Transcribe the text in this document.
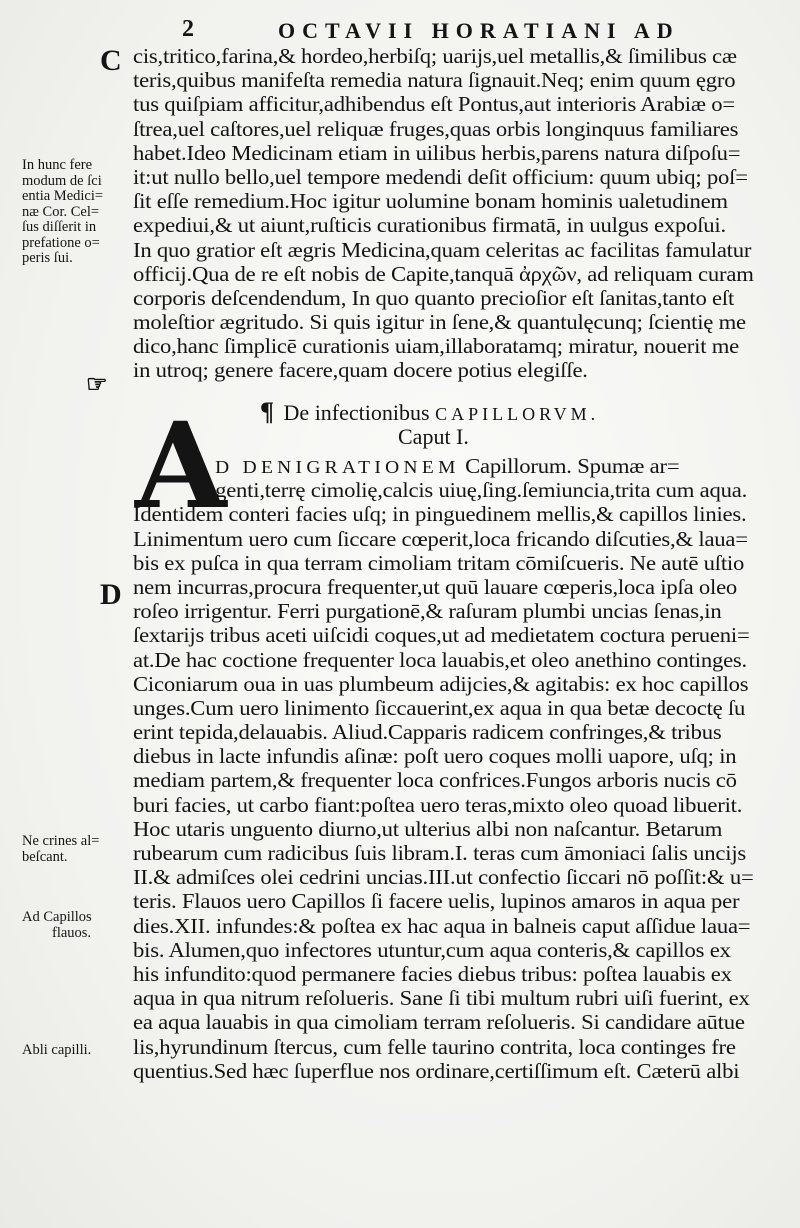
2	OCTAVII HORATIANI AD
C
D
☞
In hunc fere
modum de ſci
entia Medici=
næ Cor. Cel=
ſus diſſerit in
prefatione o=
peris ſui.
Ne crines al=
beſcant.
Ad Capillos
flauos.
Abli capilli.
cis,tritico,farina,& hordeo,herbiſq; uarijs,uel metallis,& ſimilibus cæ
teris,quibus manifeſta remedia natura ſignauit.Neq; enim quum ęgro
tus quiſpiam afficitur,adhibendus eſt Pontus,aut interioris Arabiæ o=
ſtrea,uel caſtores,uel reliquæ fruges,quas orbis longinquus familiares
habet.Ideo Medicinam etiam in uilibus herbis,parens natura diſpoſu=
it:ut nullo bello,uel tempore medendi deſit officium: quum ubiq; poſ=
ſit eſſe remedium.Hoc igitur uolumine bonam hominis ualetudinem
expediui,& ut aiunt,ruſticis curationibus firmatā, in uulgus expoſui.
In quo gratior eſt ægris Medicina,quam celeritas ac facilitas famulatur
officij.Qua de re eſt nobis de Capite,tanquā ἀρχῶν, ad reliquam curam
corporis deſcendendum, In quo quanto precioſior eſt ſanitas,tanto eſt
moleſtior ægritudo. Si quis igitur in ſene,& quantulęcunq; ſcientię me
dico,hanc ſimplicē curationis uiam,illaboratamq; miratur, nouerit me
in utroq; genere facere,quam docere potius elegiſſe.
¶ De infectionibus CAPILLORVM.
Caput I.
A
D DENIGRATIONEM Capillorum. Spumæ ar=
genti,terrę cimolię,calcis uiuę,ſing.ſemiuncia,trita cum aqua.
Identidem conteri facies uſq; in pinguedinem mellis,& capillos linies.
Linimentum uero cum ſiccare cœperit,loca fricando diſcuties,& laua=
bis ex puſca in qua terram cimoliam tritam cōmiſcueris. Ne autē uſtio
nem incurras,procura frequenter,ut quū lauare cœperis,loca ipſa oleo
roſeo irrigentur. Ferri purgationē,& raſuram plumbi uncias ſenas,in
ſextarijs tribus aceti uiſcidi coques,ut ad medietatem coctura perueni=
at.De hac coctione frequenter loca lauabis,et oleo anethino continges.
Ciconiarum oua in uas plumbeum adijcies,& agitabis: ex hoc capillos
unges.Cum uero linimento ſiccauerint,ex aqua in qua betæ decoctę ſu
erint tepida,delauabis. Aliud.Capparis radicem confringes,& tribus
diebus in lacte infundis aſinæ: poſt uero coques molli uapore, uſq; in
mediam partem,& frequenter loca confrices.Fungos arboris nucis cō
buri facies, ut carbo fiant:poſtea uero teras,mixto oleo quoad libuerit.
Hoc utaris unguento diurno,ut ulterius albi non naſcantur. Betarum
rubearum cum radicibus ſuis libram.I. teras cum āmoniaci ſalis uncijs
II.& admiſces olei cedrini uncias.III.ut confectio ſiccari nō poſſit:& u=
teris. Flauos uero Capillos ſi facere uelis, lupinos amaros in aqua per
dies.XII. infundes:& poſtea ex hac aqua in balneis caput aſſidue laua=
bis. Alumen,quo infectores utuntur,cum aqua conteris,& capillos ex
his infundito:quod permanere facies diebus tribus: poſtea lauabis ex
aqua in qua nitrum reſolueris. Sane ſi tibi multum rubri uiſi fuerint, ex
ea aqua lauabis in qua cimoliam terram reſolueris. Si candidare aūtue
lis,hyrundinum ſtercus, cum felle taurino contrita, loca continges fre
quentius.Sed hæc ſuperflue nos ordinare,certiſſimum eſt. Cæterū albi
